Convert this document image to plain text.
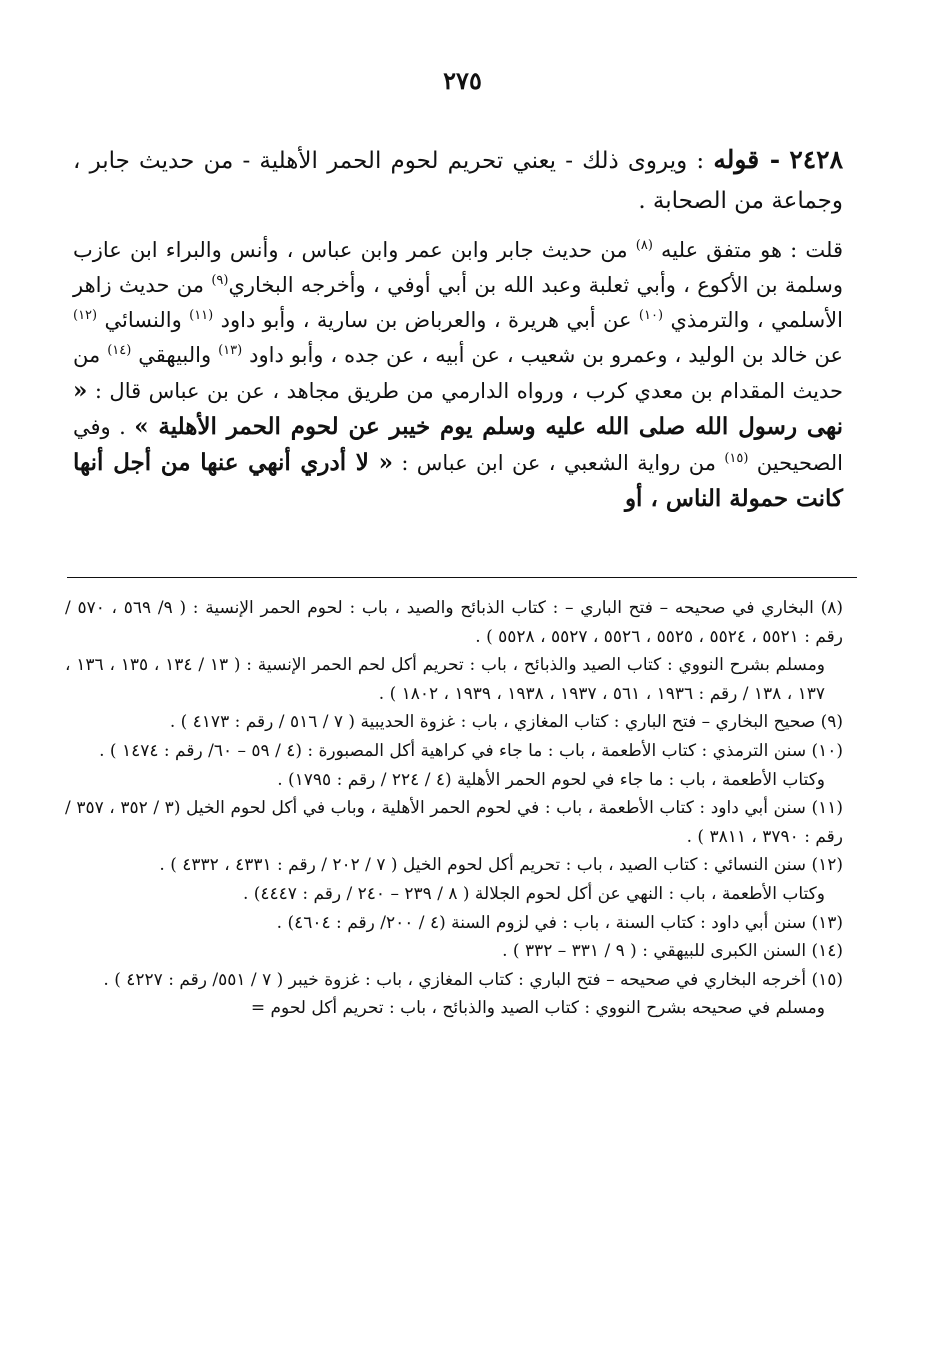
٢٧٥

٢٤٢٨ - قوله : ويروى ذلك - يعني تحريم لحوم الحمر الأهلية - من حديث جابر ، وجماعة من الصحابة .

قلت : هو متفق عليه $^{(٨)}$ من حديث جابر وابن عمر وابن عباس ، وأنس والبراء ابن عازب وسلمة بن الأكوع ، وأبي ثعلبة وعبد الله بن أبي أوفي ، وأخرجه البخاري$^{(٩)}$ من حديث زاهر الأسلمي ، والترمذي $^{(١٠)}$ عن أبي هريرة ، والعرباض بن سارية ، وأبو داود $^{(١١)}$ والنسائي $^{(١٢)}$ عن خالد بن الوليد ، وعمرو بن شعيب ، عن أبيه ، عن جده ، وأبو داود $^{(١٣)}$ والبيهقي $^{(١٤)}$ من حديث المقدام بن معدي كرب ، ورواه الدارمي من طريق مجاهد ، عن بن عباس قال : « نهى رسول الله صلى الله عليه وسلم يوم خيبر عن لحوم الحمر الأهلية » . وفي الصحيحين $^{(١٥)}$ من رواية الشعبي ، عن ابن عباس : « لا أدري أنهي عنها من أجل أنها كانت حمولة الناس ، أو

(٨) البخاري في صحيحه – فتح الباري – : كتاب الذبائح والصيد ، باب : لحوم الحمر الإنسية : ( ٩/ ٥٦٩ ، ٥٧٠ / رقم : ٥٥٢١ ، ٥٥٢٤ ، ٥٥٢٥ ، ٥٥٢٦ ، ٥٥٢٧ ، ٥٥٢٨ ) .

ومسلم بشرح النووي : كتاب الصيد والذبائح ، باب : تحريم أكل لحم الحمر الإنسية : ( ١٣ / ١٣٤ ، ١٣٥ ، ١٣٦ ، ١٣٧ ، ١٣٨ / رقم : ١٩٣٦ ، ٥٦١ ، ١٩٣٧ ، ١٩٣٨ ، ١٩٣٩ ، ١٨٠٢ ) .

(٩) صحيح البخاري – فتح الباري : كتاب المغازي ، باب : غزوة الحديبية ( ٧ / ٥١٦ / رقم : ٤١٧٣ ) .

(١٠) سنن الترمذي : كتاب الأطعمة ، باب : ما جاء في كراهية أكل المصبورة : (٤ / ٥٩ – ٦٠/ رقم : ١٤٧٤ ) .

وكتاب الأطعمة ، باب : ما جاء في لحوم الحمر الأهلية (٤ / ٢٢٤ / رقم : ١٧٩٥) .

(١١) سنن أبي داود : كتاب الأطعمة ، باب : في لحوم الحمر الأهلية ، وباب في أكل لحوم الخيل (٣ / ٣٥٢ ، ٣٥٧ / رقم : ٣٧٩٠ ، ٣٨١١ ) .

(١٢) سنن النسائي : كتاب الصيد ، باب : تحريم أكل لحوم الخيل ( ٧ / ٢٠٢ / رقم : ٤٣٣١ ، ٤٣٣٢ ) .

وكتاب الأطعمة ، باب : النهي عن أكل لحوم الجلالة ( ٨ / ٢٣٩ – ٢٤٠ / رقم : ٤٤٤٧) .

(١٣) سنن أبي داود : كتاب السنة ، باب : في لزوم السنة (٤ / ٢٠٠/ رقم : ٤٦٠٤) .

(١٤) السنن الكبرى للبيهقي : ( ٩ / ٣٣١ – ٣٣٢ ) .

(١٥) أخرجه البخاري في صحيحه – فتح الباري : كتاب المغازي ، باب : غزوة خيبر ( ٧ / ٥٥١/ رقم : ٤٢٢٧ ) .

ومسلم في صحيحه بشرح النووي : كتاب الصيد والذبائح ، باب : تحريم أكل لحوم =
